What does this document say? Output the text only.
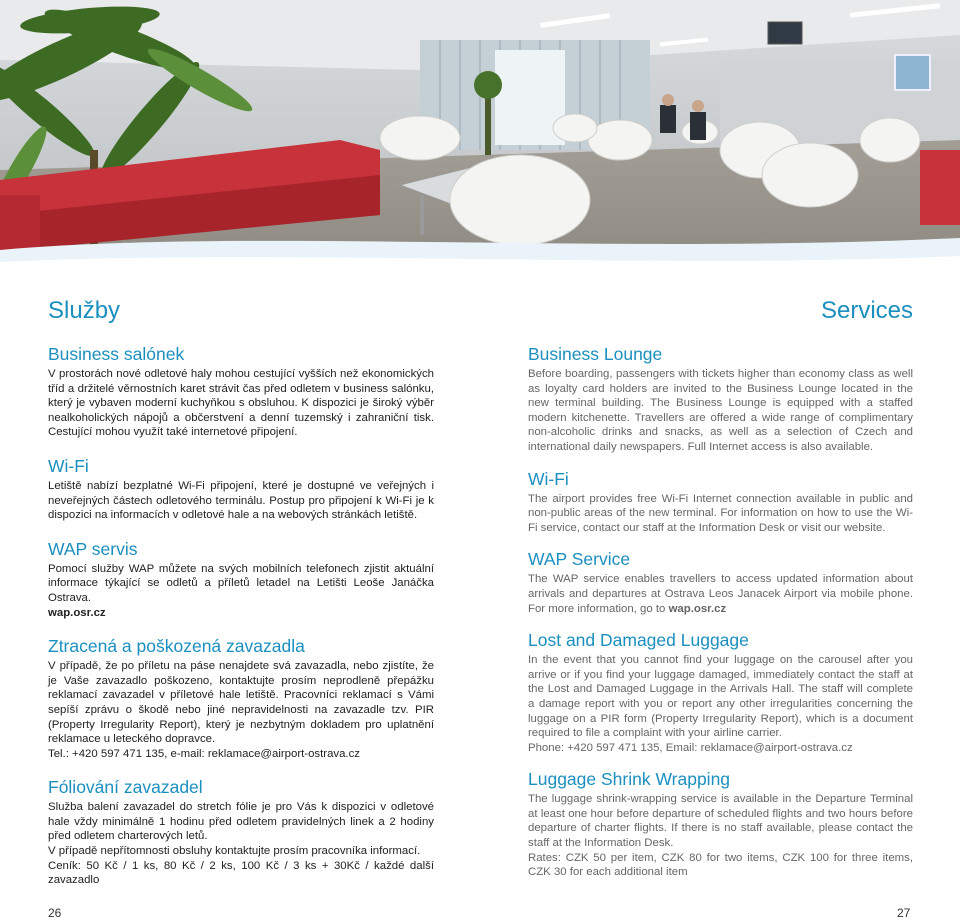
Služby
Business salónek

V prostorách nové odletové haly mohou cestující vyšších než ekonomických tříd a držitelé věrnostních karet strávit čas před odletem v business salónku, který je vybaven moderní kuchyňkou s obsluhou. K dispozici je široký výběr nealkoholických nápojů a občerstvení a denní tuzemský i zahraniční tisk. Cestující mohou využít také internetové připojení.

Wi-Fi

Letiště nabízí bezplatné Wi-Fi připojení, které je dostupné ve veřejných i neveřejných částech odletového terminálu. Postup pro připojení k Wi-Fi je k dispozici na informacích v odletové hale a na webových stránkách letiště.

WAP servis

Pomocí služby WAP můžete na svých mobilních telefonech zjistit aktuální informace týkající se odletů a příletů letadel na Letišti Leoše Janáčka Ostrava.
wap.osr.cz

Ztracená a poškozená zavazadla

V případě, že po příletu na páse nenajdete svá zavazadla, nebo zjistíte, že je Vaše zavazadlo poškozeno, kontaktujte prosím neprodleně přepážku reklamací zavazadel v příletové hale letiště. Pracovníci reklamací s Vámi sepíší zprávu o škodě nebo jiné nepravidelnosti na zavazadle tzv. PIR (Property Irregularity Report), který je nezbytným dokladem pro uplatnění reklamace u leteckého dopravce.
Tel.: +420 597 471 135, e-mail: reklamace@airport-ostrava.cz

Fóliování zavazadel

Služba balení zavazadel do stretch fólie je pro Vás k dispozici v odletové hale vždy minimálně 1 hodinu před odletem pravidelných linek a 2 hodiny před odletem charterových letů.
V případě nepřítomnosti obsluhy kontaktujte prosím pracovníka informací.
Ceník: 50 Kč / 1 ks, 80 Kč / 2 ks, 100 Kč / 3 ks + 30Kč / každé další zavazadlo

Services
Business Lounge

Before boarding, passengers with tickets higher than economy class as well as loyalty card holders are invited to the Business Lounge located in the new terminal building. The Business Lounge is equipped with a staffed modern kitchenette. Travellers are offered a wide range of complimentary non-alcoholic drinks and snacks, as well as a selection of Czech and international daily newspapers. Full Internet access is also available.

Wi-Fi

The airport provides free Wi-Fi Internet connection available in public and non-public areas of the new terminal. For information on how to use the Wi-Fi service, contact our staff at the Information Desk or visit our website.

WAP Service

The WAP service enables travellers to access updated information about arrivals and departures at Ostrava Leos Janacek Airport via mobile phone. For more information, go to wap.osr.cz

Lost and Damaged Luggage

In the event that you cannot find your luggage on the carousel after you arrive or if you find your luggage damaged, immediately contact the staff at the Lost and Damaged Luggage in the Arrivals Hall. The staff will complete a damage report with you or report any other irregularities concerning the luggage on a PIR form (Property Irregularity Report), which is a document required to file a complaint with your airline carrier.
Phone: +420 597 471 135, Email: reklamace@airport-ostrava.cz

Luggage Shrink Wrapping

The luggage shrink-wrapping service is available in the Departure Terminal at least one hour before departure of scheduled flights and two hours before departure of charter flights. If there is no staff available, please contact the staff at the Information Desk.
Rates: CZK 50 per item, CZK 80 for two items, CZK 100 for three items, CZK 30 for each additional item

26	27
